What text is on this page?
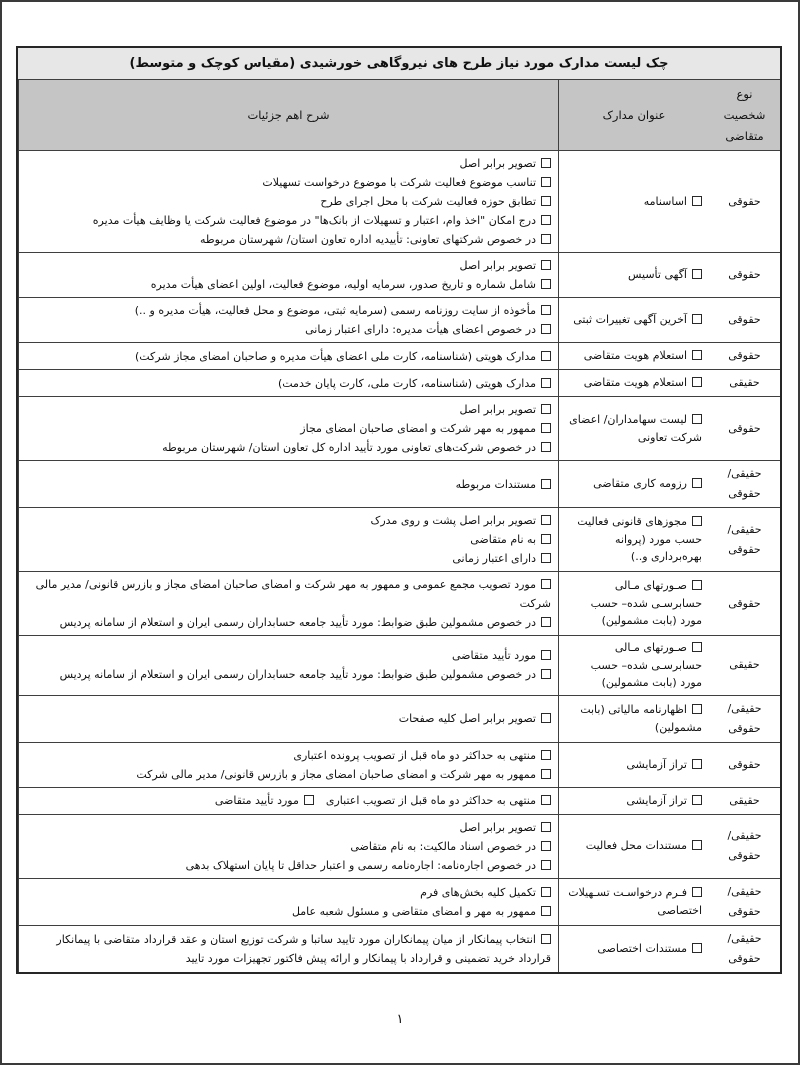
چک لیست مدارک مورد نیاز طرح های نیروگاهی خورشیدی (مقیاس کوچک و متوسط)
نوع شخصیت متقاضی
عنوان مدارک
شرح اهم جزئیات
حقوقی
اساسنامه
تصویر برابر اصل
تناسب موضوع فعالیت شرکت با موضوع درخواست تسهیلات
تطابق حوزه فعالیت شرکت با محل اجرای طرح
درج امکان "اخذ وام، اعتبار و تسهیلات از بانک‌ها" در موضوع فعالیت شرکت یا وظایف هیأت مدیره
در خصوص شرکتهای تعاونی: تأییدیه اداره تعاون استان/ شهرستان مربوطه
حقوقی
آگهی تأسیس
تصویر برابر اصل
شامل شماره و تاریخ صدور، سرمایه اولیه، موضوع فعالیت، اولین اعضای هیأت مدیره
حقوقی
آخرین آگهی تغییرات ثبتی
مأخوذه از سایت روزنامه رسمی (سرمایه ثبتی، موضوع و محل فعالیت، هیأت مدیره و ..)
در خصوص اعضای هیأت مدیره: دارای اعتبار زمانی
حقوقی
استعلام هویت متقاضی
مدارک هویتی (شناسنامه، کارت ملی اعضای هیأت مدیره و صاحبان امضای مجاز شرکت)
حقیقی
استعلام هویت متقاضی
مدارک هویتی (شناسنامه، کارت ملی، کارت پایان خدمت)
حقوقی
لیست سهامداران/ اعضای شرکت تعاونی
تصویر برابر اصل
ممهور به مهر شرکت و امضای صاحبان امضای مجاز
در خصوص شرکت‌های تعاونی مورد تأیید اداره کل تعاون استان/ شهرستان مربوطه
حقیقی/ حقوقی
رزومه کاری متقاضی
مستندات مربوطه
حقیقی/ حقوقی
مجوزهای قانونی فعالیت حسب مورد (پروانه بهره‌برداری و..)
تصویر برابر اصل پشت و روی مدرک
به نام متقاضی
دارای اعتبار زمانی
حقوقی
صـورتهای مـالی حسابرسـی شده– حسب مورد (بابت مشمولین)
مورد تصویب مجمع عمومی و ممهور به مهر شرکت و امضای صاحبان امضای مجاز و بازرس قانونی/ مدیر مالی شرکت
در خصوص مشمولین طبق ضوابط: مورد تأیید جامعه حسابداران رسمی ایران و استعلام از سامانه پردیس
حقیقی
صـورتهای مـالی حسابرسـی شده– حسب مورد (بابت مشمولین)
مورد تأیید متقاضی
در خصوص مشمولین طبق ضوابط: مورد تأیید جامعه حسابداران رسمی ایران و استعلام از سامانه پردیس
حقیقی/ حقوقی
اظهارنامه مالیاتی (بابت مشمولین)
تصویر برابر اصل کلیه صفحات
حقوقی
تراز آزمایشی
منتهی به حداکثر دو ماه قبل از تصویب پرونده اعتباری
ممهور به مهر شرکت و امضای صاحبان امضای مجاز و بازرس قانونی/ مدیر مالی شرکت
حقیقی
تراز آزمایشی
منتهی به حداکثر دو ماه قبل از تصویب اعتباریمورد تأیید متقاضی
حقیقی/ حقوقی
مستندات محل فعالیت
تصویر برابر اصل
در خصوص اسناد مالکیت: به نام متقاضی
در خصوص اجاره‌نامه: اجاره‌نامه رسمی و اعتبار حداقل تا پایان استهلاک بدهی
حقیقی/ حقوقی
فـرم درخواسـت تسـهیلات اختصاصی
تکمیل کلیه بخش‌های فرم
ممهور به مهر و امضای متقاضی و مسئول شعبه عامل
حقیقی/ حقوقی
مستندات اختصاصی
انتخاب پیمانکار از میان پیمانکاران مورد تایید ساتبا و شرکت توزیع استان و عقد قرارداد متقاضی با پیمانکار قرارداد خرید تضمینی و قرارداد با پیمانکار و ارائه پیش فاکتور تجهیزات مورد تایید
۱
